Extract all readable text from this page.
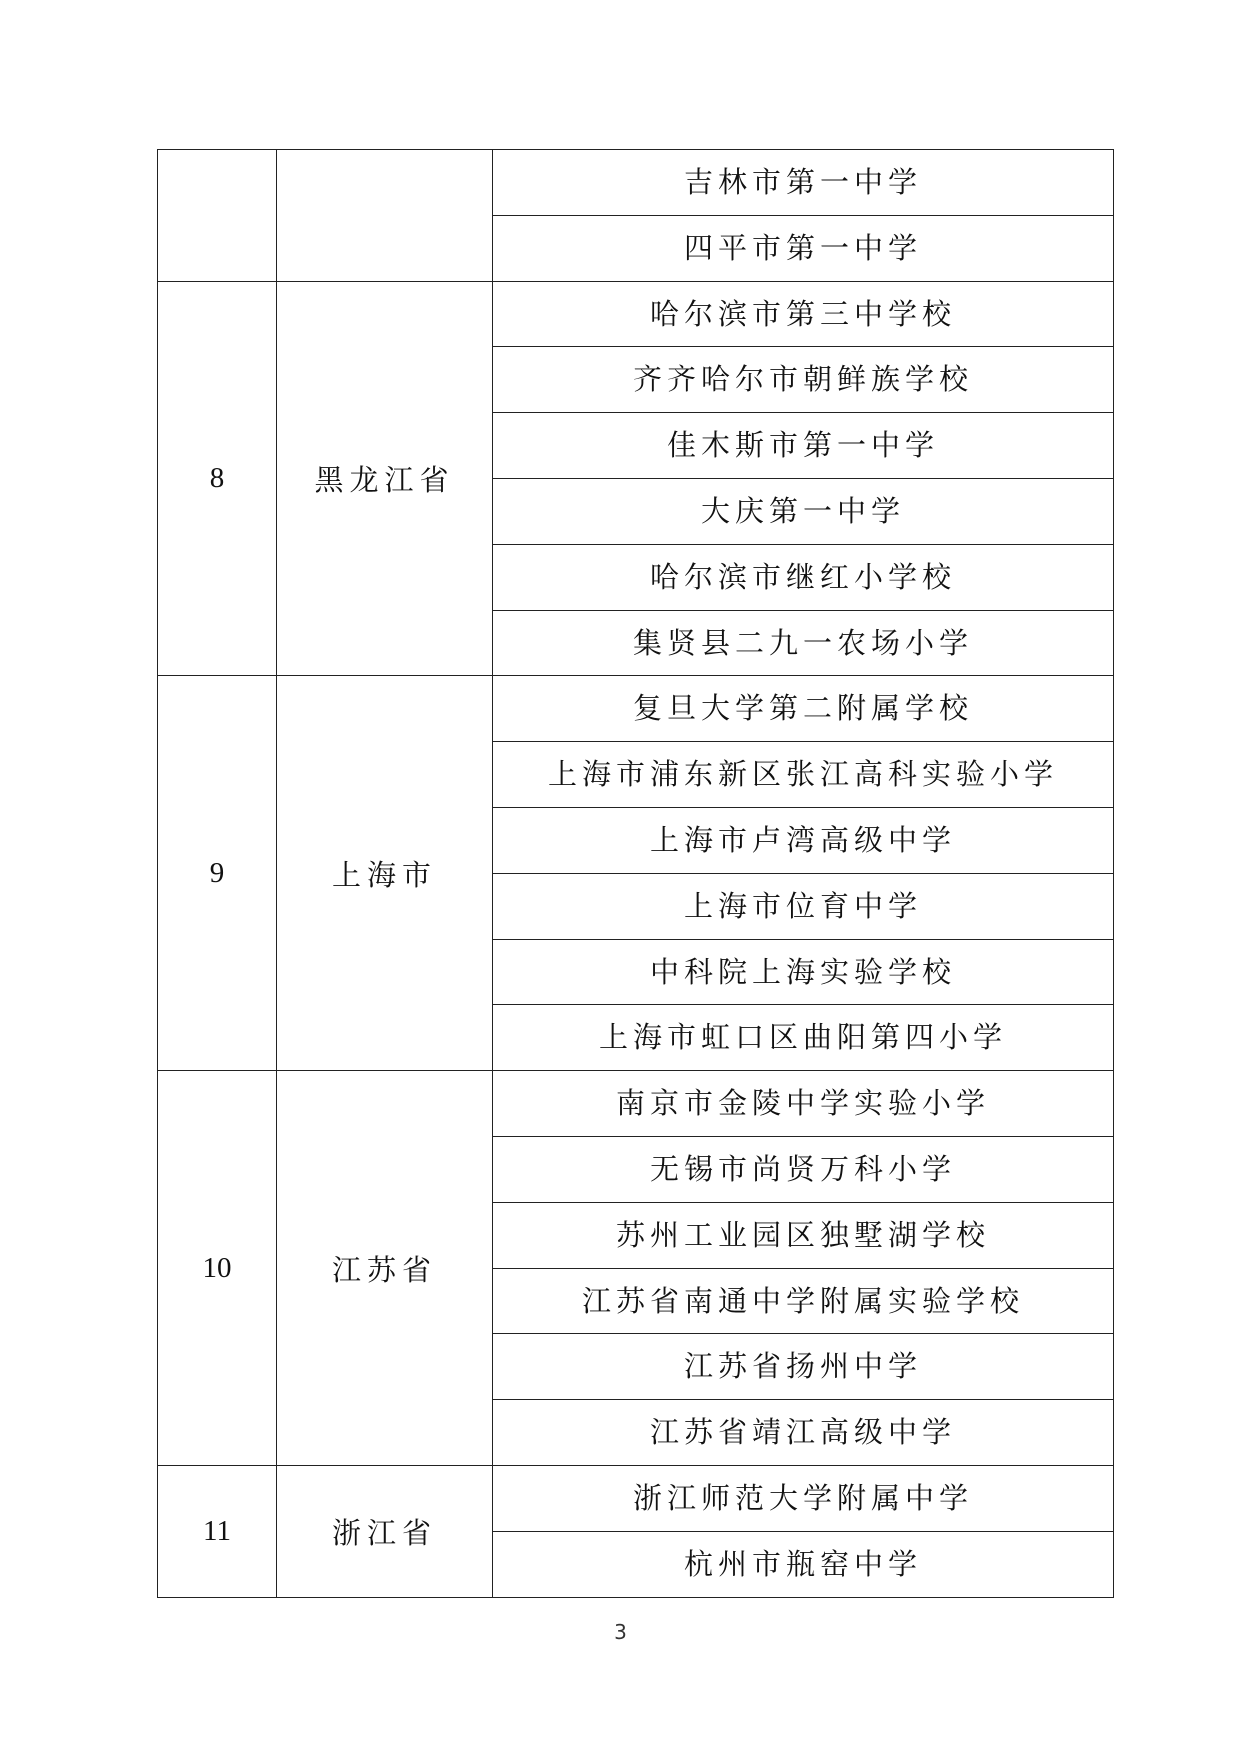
		吉林市第一中学
		四平市第一中学
8	黑龙江省	哈尔滨市第三中学校
		齐齐哈尔市朝鲜族学校
		佳木斯市第一中学
		大庆第一中学
		哈尔滨市继红小学校
		集贤县二九一农场小学
9	上海市	复旦大学第二附属学校
		上海市浦东新区张江高科实验小学
		上海市卢湾高级中学
		上海市位育中学
		中科院上海实验学校
		上海市虹口区曲阳第四小学
10	江苏省	南京市金陵中学实验小学
		无锡市尚贤万科小学
		苏州工业园区独墅湖学校
		江苏省南通中学附属实验学校
		江苏省扬州中学
		江苏省靖江高级中学
11	浙江省	浙江师范大学附属中学
		杭州市瓶窑中学
3
